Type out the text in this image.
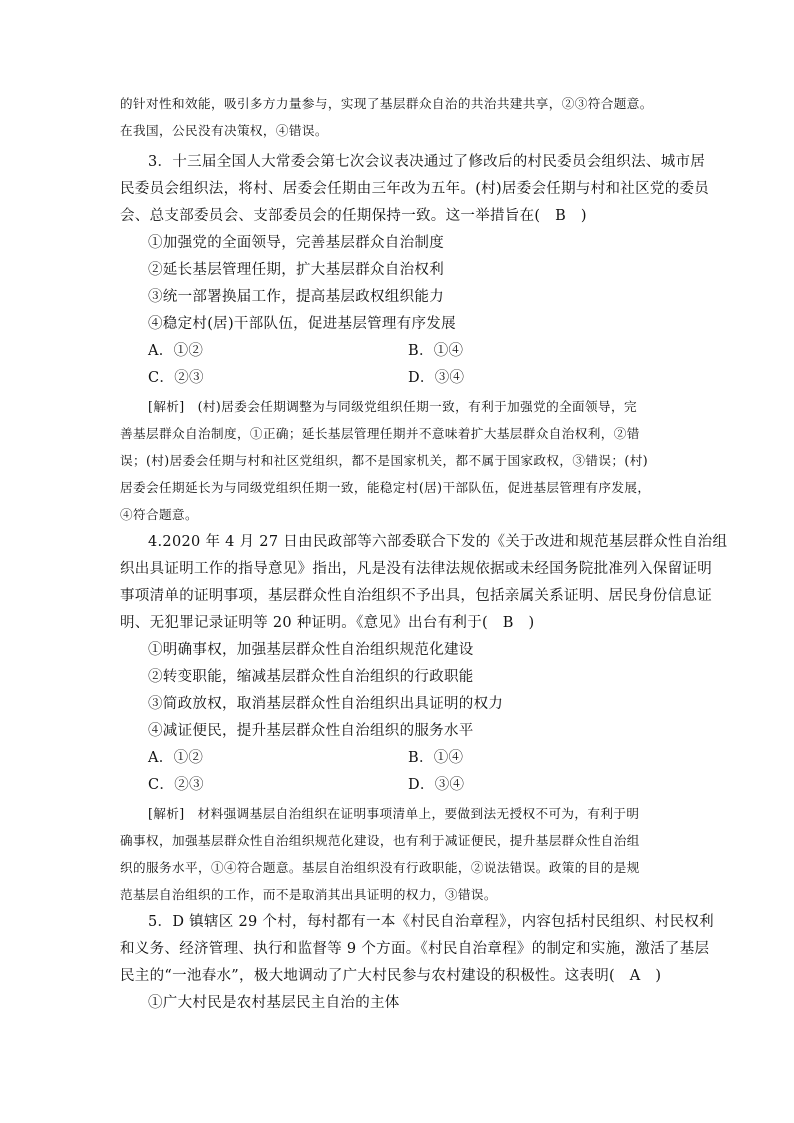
的针对性和效能，吸引多方力量参与，实现了基层群众自治的共治共建共享，②③符合题意。
在我国，公民没有决策权，④错误。
3．十三届全国人大常委会第七次会议表决通过了修改后的村民委员会组织法、城市居
民委员会组织法，将村、居委会任期由三年改为五年。(村)居委会任期与村和社区党的委员
会、总支部委员会、支部委员会的任期保持一致。这一举措旨在(　B　)
①加强党的全面领导，完善基层群众自治制度
②延长基层管理任期，扩大基层群众自治权利
③统一部署换届工作，提高基层政权组织能力
④稳定村(居)干部队伍，促进基层管理有序发展
A．①②	B．①④
C．②③	D．③④
[解析]　(村)居委会任期调整为与同级党组织任期一致，有利于加强党的全面领导，完
善基层群众自治制度，①正确；延长基层管理任期并不意味着扩大基层群众自治权利，②错
误；(村)居委会任期与村和社区党组织，都不是国家机关，都不属于国家政权，③错误；(村)
居委会任期延长为与同级党组织任期一致，能稳定村(居)干部队伍，促进基层管理有序发展，
④符合题意。
4.2020 年 4 月 27 日由民政部等六部委联合下发的《关于改进和规范基层群众性自治组
织出具证明工作的指导意见》指出，凡是没有法律法规依据或未经国务院批准列入保留证明
事项清单的证明事项，基层群众性自治组织不予出具，包括亲属关系证明、居民身份信息证
明、无犯罪记录证明等 20 种证明。《意见》出台有利于(　B　)
①明确事权，加强基层群众性自治组织规范化建设
②转变职能，缩减基层群众性自治组织的行政职能
③简政放权，取消基层群众性自治组织出具证明的权力
④减证便民，提升基层群众性自治组织的服务水平
A．①②	B．①④
C．②③	D．③④
[解析]　材料强调基层自治组织在证明事项清单上，要做到法无授权不可为，有利于明
确事权，加强基层群众性自治组织规范化建设，也有利于减证便民，提升基层群众性自治组
织的服务水平，①④符合题意。基层自治组织没有行政职能，②说法错误。政策的目的是规
范基层自治组织的工作，而不是取消其出具证明的权力，③错误。
5．D 镇辖区 29 个村，每村都有一本《村民自治章程》，内容包括村民组织、村民权利
和义务、经济管理、执行和监督等 9 个方面。《村民自治章程》的制定和实施，激活了基层
民主的“一池春水”，极大地调动了广大村民参与农村建设的积极性。这表明(　A　)
①广大村民是农村基层民主自治的主体
